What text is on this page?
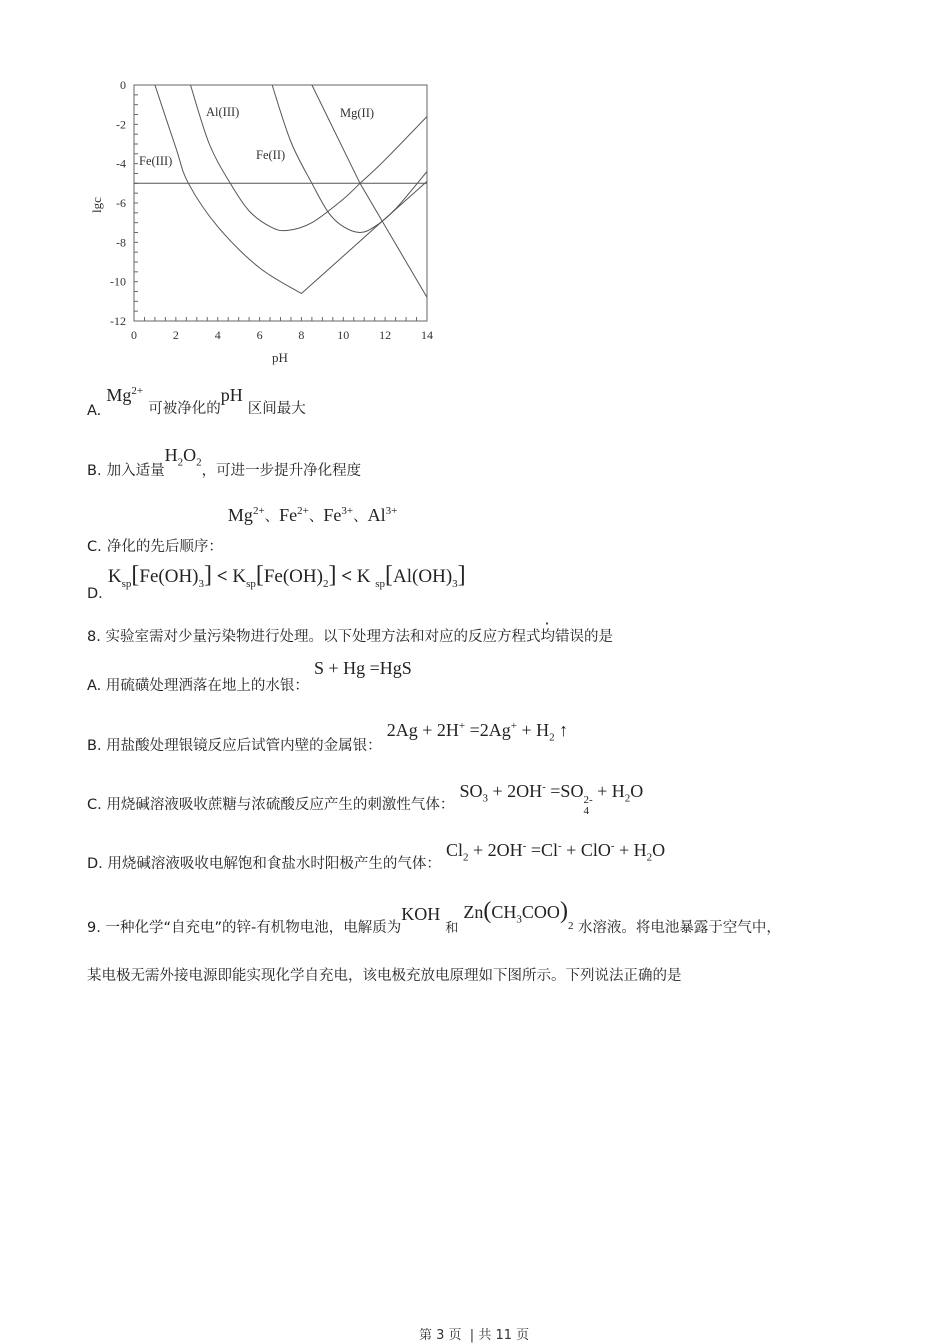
0	2	4	6	8	10 12 14
0
-2
-4
-6
-8
-10
-12
pH
lgc
Fe(III)
Al(III)
Fe(II)
Mg(II)
A. $Mg^{2+}$ 可被净化的pH 区间最大
B. 加入适量$H_2O_2$，可进一步提升净化程度
C. 净化的先后顺序： $Mg^{2+}$、$Fe^{2+}$、$Fe^{3+}$、$Al^{3+}$
D. $K_{sp}[Fe(OH)_3] < K_{sp}[Fe(OH)_2] < K$ $_{sp}[Al(OH)_3]$
8. 实验室需对少量污染物进行处理。以下处理方法和对应的反应方程式均错误的是
A. 用硫磺处理洒落在地上的水银： S + Hg =HgS
B. 用盐酸处理银镜反应后试管内壁的金属银： $2Ag + 2H^+ =2Ag^+ + H_2$ ↑
C. 用烧碱溶液吸收蔗糖与浓硫酸反应产生的刺激性气体： $SO_3 + 2OH^- =SO$ 2-
4
+ $H_2O$
D. 用烧碱溶液吸收电解饱和食盐水时阳极产生的气体： $Cl_2 + 2OH^- =Cl^- + ClO^- + H_2O$
9. 一种化学“自充电”的锌-有机物电池，电解质为KOH $_和$ $Zn(CH_3COO)_2$ 水溶液。将电池暴露于空气中，
某电极无需外接电源即能实现化学自充电，该电极充放电原理如下图所示。下列说法正确的是
第 3 页  | 共 11 页
